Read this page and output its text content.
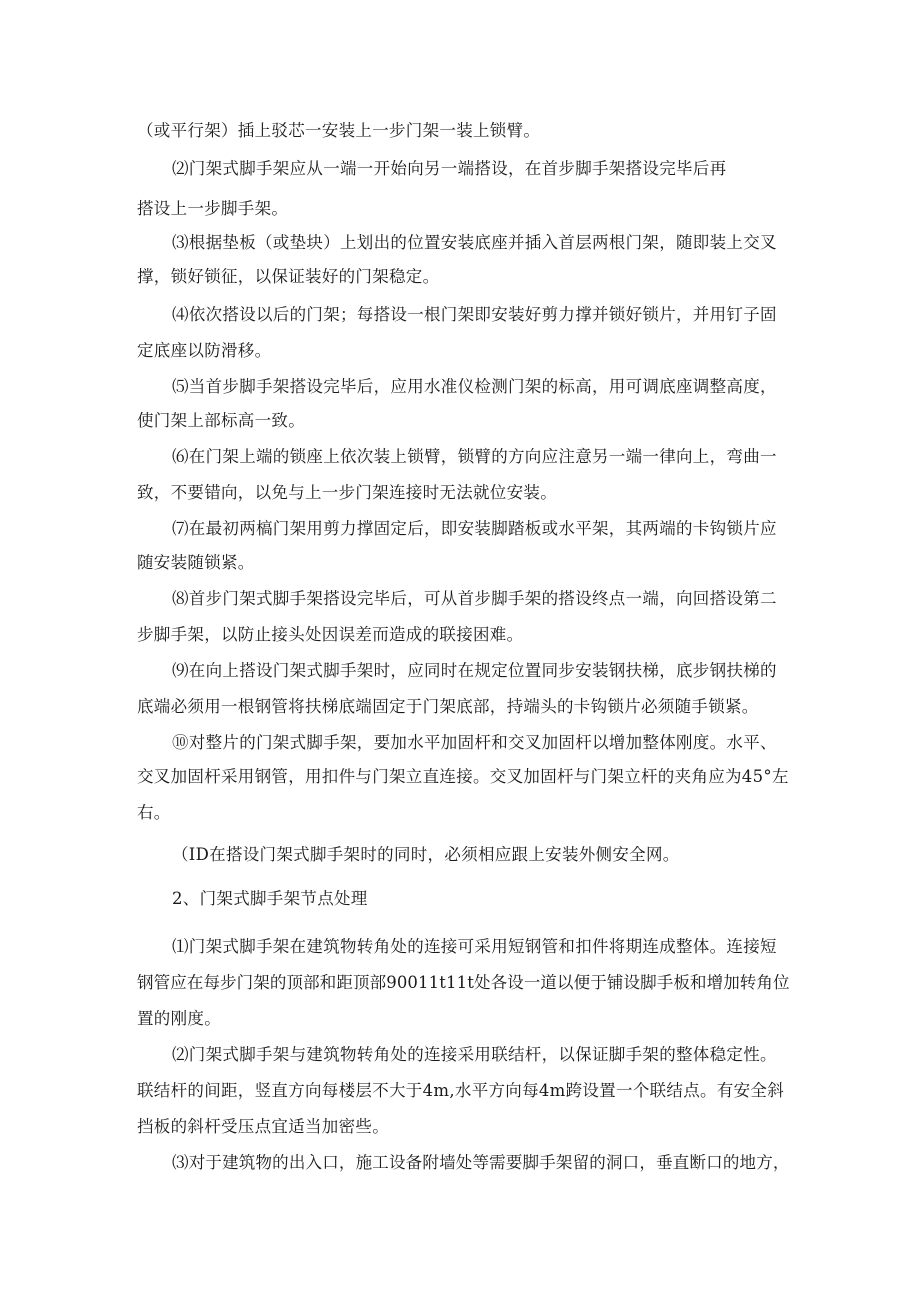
（或平行架）插上驳芯一安装上一步门架一装上锁臂。
⑵门架式脚手架应从一端一开始向另一端搭设，在首步脚手架搭设完毕后再
搭设上一步脚手架。
⑶根据垫板（或垫块）上划出的位置安装底座并插入首层两根门架，随即装上交叉
撑，锁好锁征，以保证装好的门架稳定。
⑷依次搭设以后的门架；每搭设一根门架即安装好剪力撑并锁好锁片，并用钉子固
定底座以防滑移。
⑸当首步脚手架搭设完毕后，应用水准仪检测门架的标高，用可调底座调整高度，
使门架上部标高一致。
⑹在门架上端的锁座上依次装上锁臂，锁臂的方向应注意另一端一律向上，弯曲一
致，不要错向，以免与上一步门架连接时无法就位安装。
⑺在最初两槁门架用剪力撑固定后，即安装脚踏板或水平架，其两端的卡钩锁片应
随安装随锁紧。
⑻首步门架式脚手架搭设完毕后，可从首步脚手架的搭设终点一端，向回搭设第二
步脚手架，以防止接头处因误差而造成的联接困难。
⑼在向上搭设门架式脚手架时，应同时在规定位置同步安装钢扶梯，底步钢扶梯的
底端必须用一根钢管将扶梯底端固定于门架底部，持端头的卡钩锁片必须随手锁紧。
⑩对整片的门架式脚手架，要加水平加固杆和交叉加固杆以增加整体刚度。水平、
交叉加固杆采用钢管，用扣件与门架立直连接。交叉加固杆与门架立杆的夹角应为45°左
右。
（ID在搭设门架式脚手架时的同时，必须相应跟上安装外侧安全网。
2、门架式脚手架节点处理
⑴门架式脚手架在建筑物转角处的连接可采用短钢管和扣件将期连成整体。连接短
钢管应在每步门架的顶部和距顶部90011t11t处各设一道以便于铺设脚手板和增加转角位
置的刚度。
⑵门架式脚手架与建筑物转角处的连接采用联结杆，以保证脚手架的整体稳定性。
联结杆的间距，竖直方向每楼层不大于4m,水平方向每4m跨设置一个联结点。有安全斜
挡板的斜杆受压点宜适当加密些。
⑶对于建筑物的出入口，施工设备附墙处等需要脚手架留的洞口，垂直断口的地方，
